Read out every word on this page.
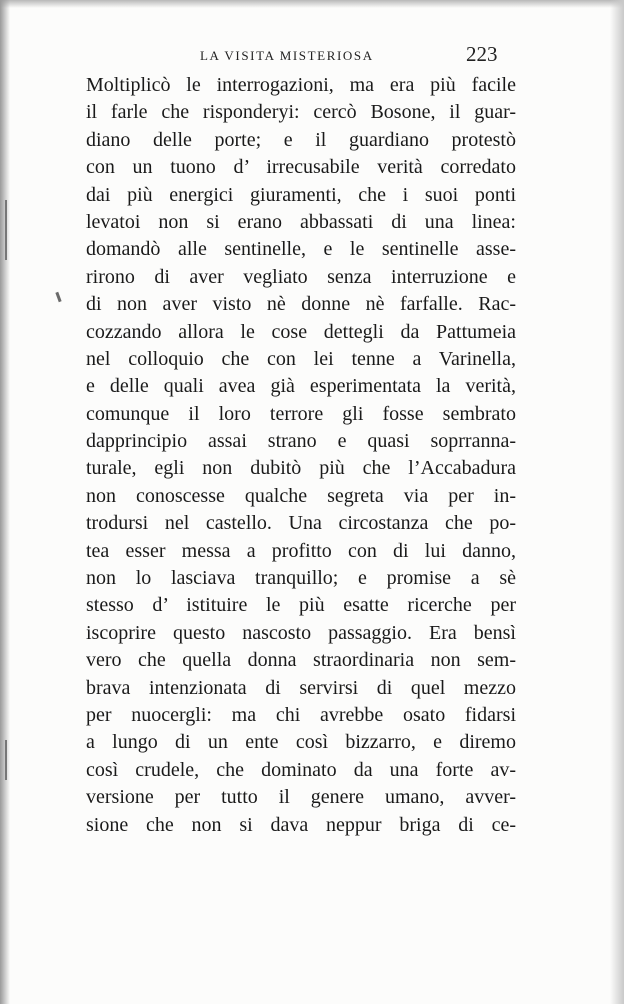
LA VISITA MISTERIOSA	223
Moltiplicò le interrogazioni, ma era più facile
il farle che risponderyi: cercò Bosone, il guar-
diano delle porte; e il guardiano protestò
con un tuono d’ irrecusabile verità corredato
dai più energici giuramenti, che i suoi ponti
levatoi non si erano abbassati di una linea:
domandò alle sentinelle, e le sentinelle asse-
rirono di aver vegliato senza interruzione e
di non aver visto nè donne nè farfalle. Rac-
cozzando allora le cose dettegli da Pattumeia
nel colloquio che con lei tenne a Varinella,
e delle quali avea già esperimentata la verità,
comunque il loro terrore gli fosse sembrato
dapprincipio assai strano e quasi soprranna-
turale, egli non dubitò più che l’Accabadura
non conoscesse qualche segreta via per in-
trodursi nel castello. Una circostanza che po-
tea esser messa a profitto con di lui danno,
non lo lasciava tranquillo; e promise a sè
stesso d’ istituire le più esatte ricerche per
iscoprire questo nascosto passaggio. Era bensì
vero che quella donna straordinaria non sem-
brava intenzionata di servirsi di quel mezzo
per nuocergli: ma chi avrebbe osato fidarsi
a lungo di un ente così bizzarro, e diremo
così crudele, che dominato da una forte av-
versione per tutto il genere umano, avver-
sione che non si dava neppur briga di ce-
